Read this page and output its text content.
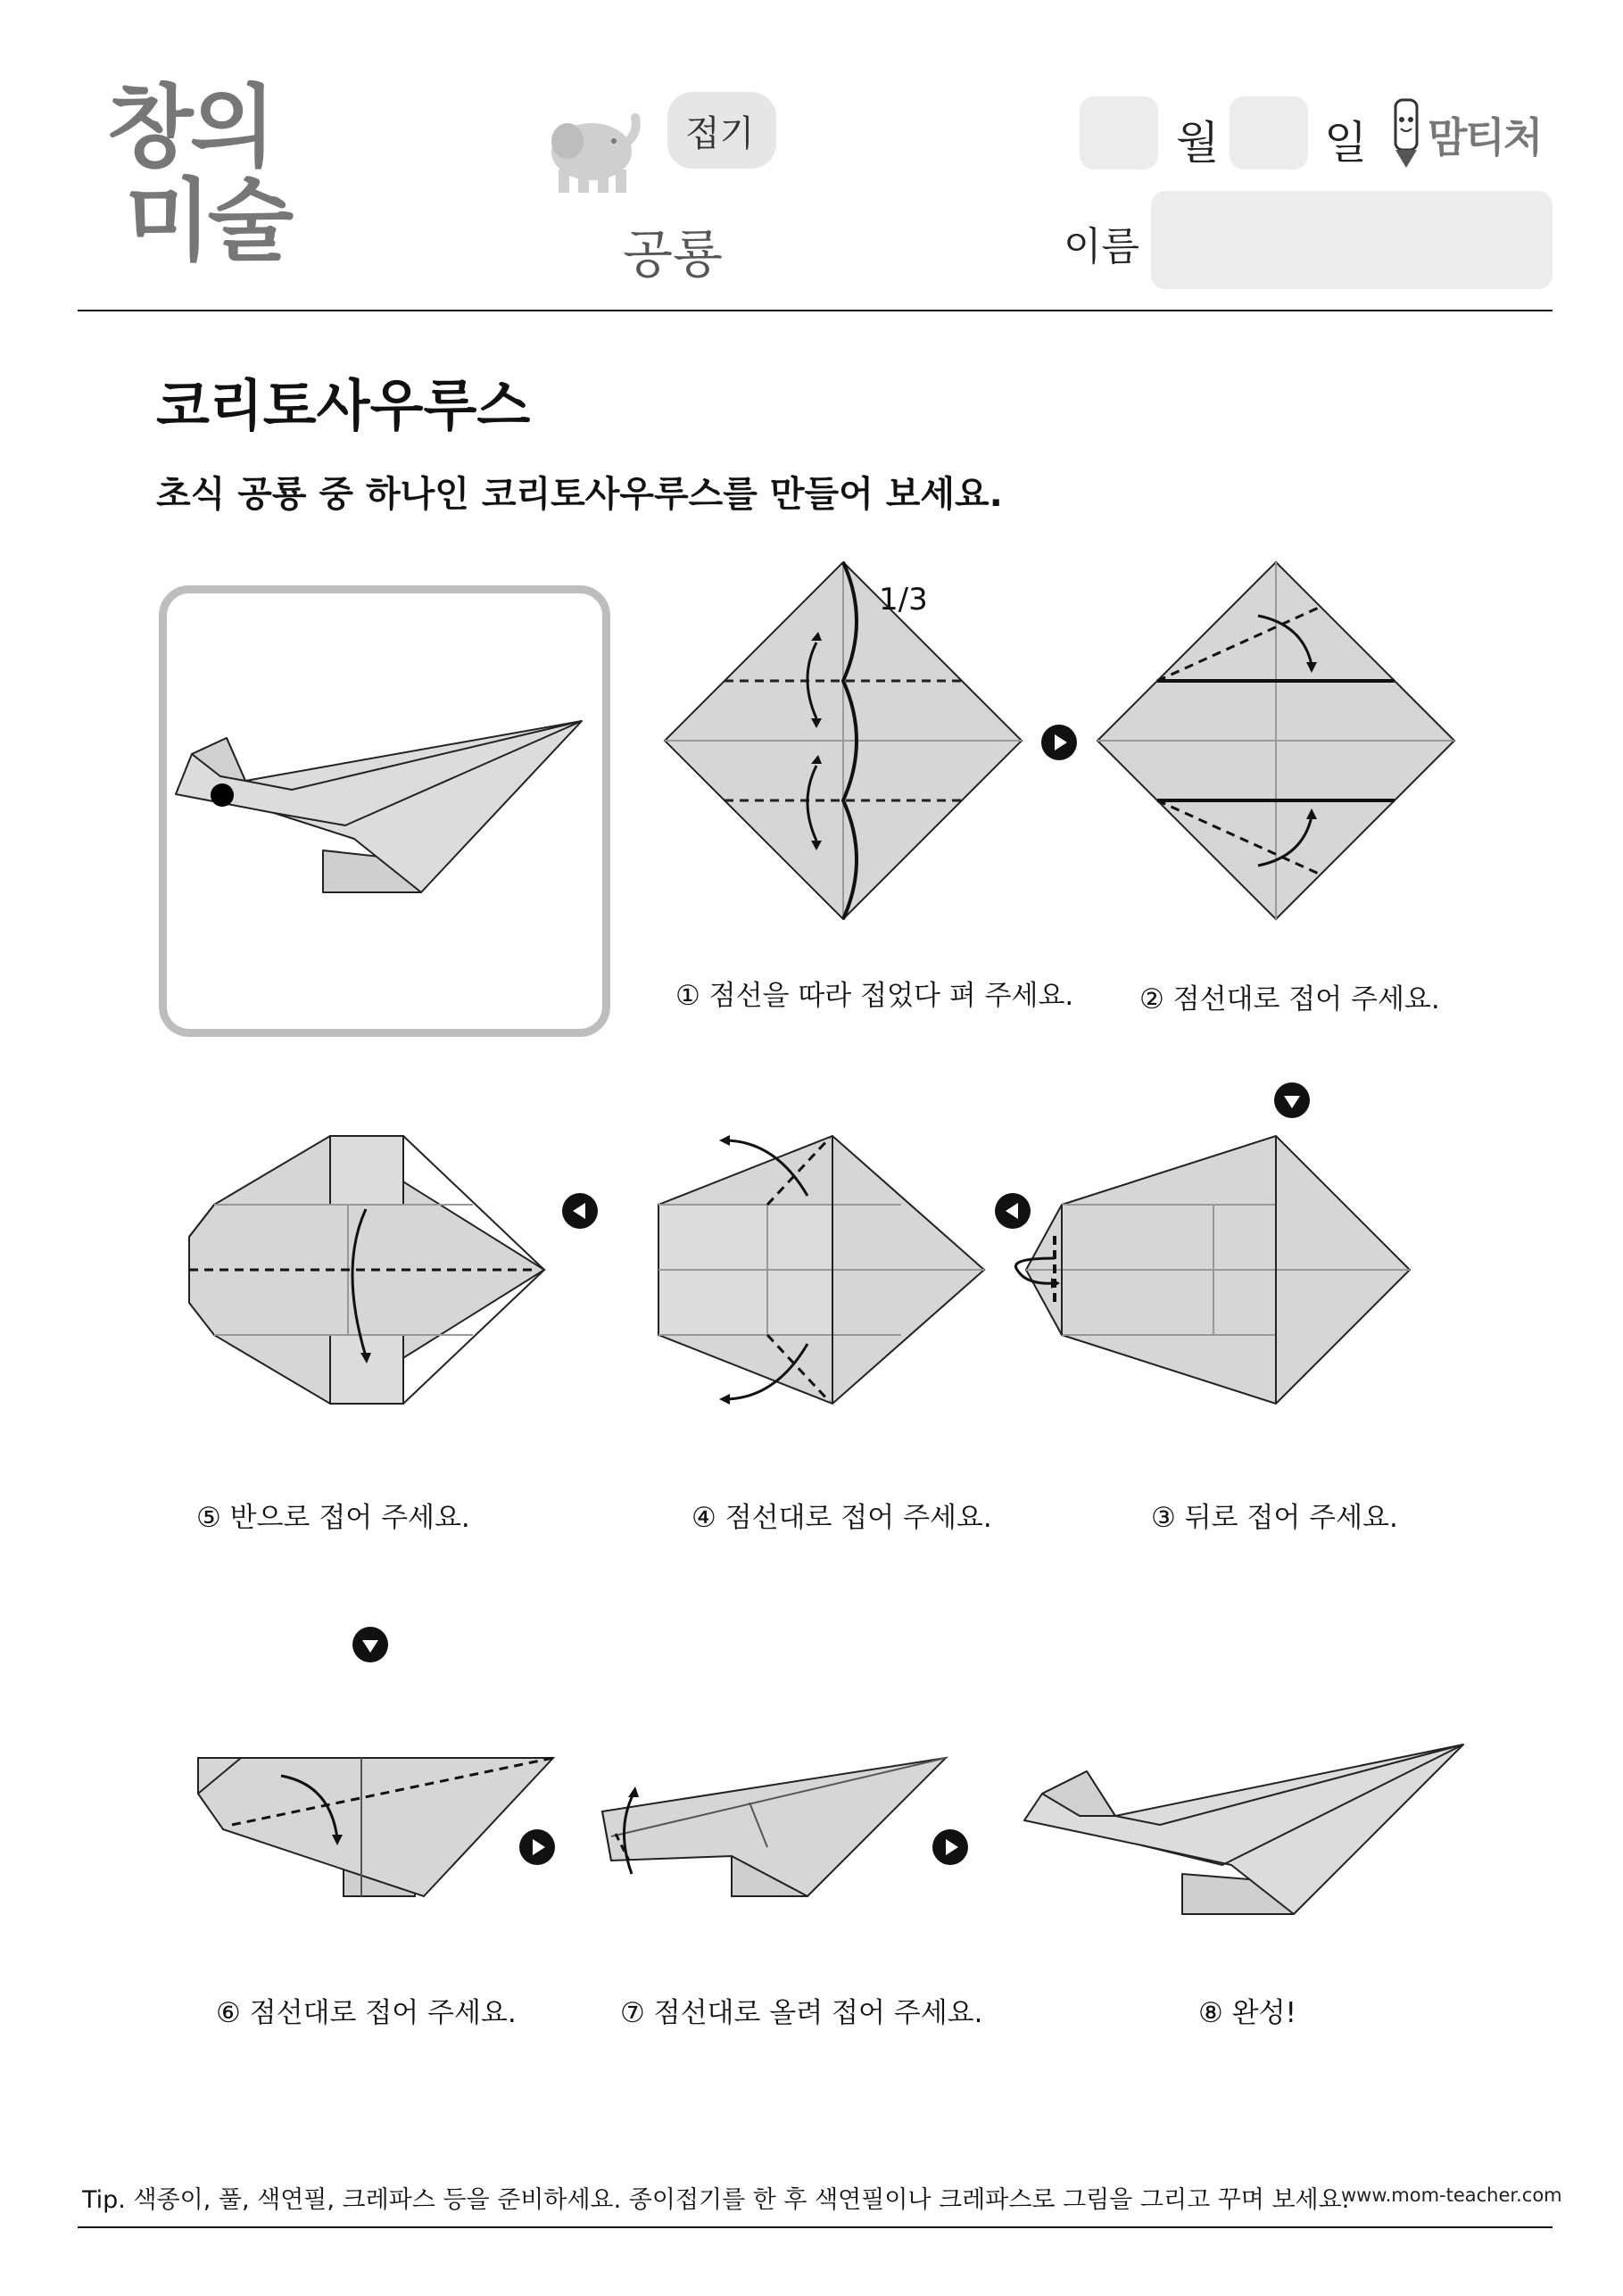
창의
미술
접기
공룡
월 일 맘티처
이름
코리토사우루스
초식 공룡 중 하나인 코리토사우루스를 만들어 보세요.
1/3
① 점선을 따라 접었다 펴 주세요. ② 점선대로 접어 주세요.
③ 뒤로 접어 주세요.
④ 점선대로 접어 주세요.
⑤ 반으로 접어 주세요.
⑥ 점선대로 접어 주세요.	⑦ 점선대로 올려 접어 주세요.	⑧ 완성!
Tip. 색종이, 풀, 색연필, 크레파스 등을 준비하세요. 종이접기를 한 후 색연필이나 크레파스로 그림을 그리고 꾸며 보세요.
www.mom-teacher.com
